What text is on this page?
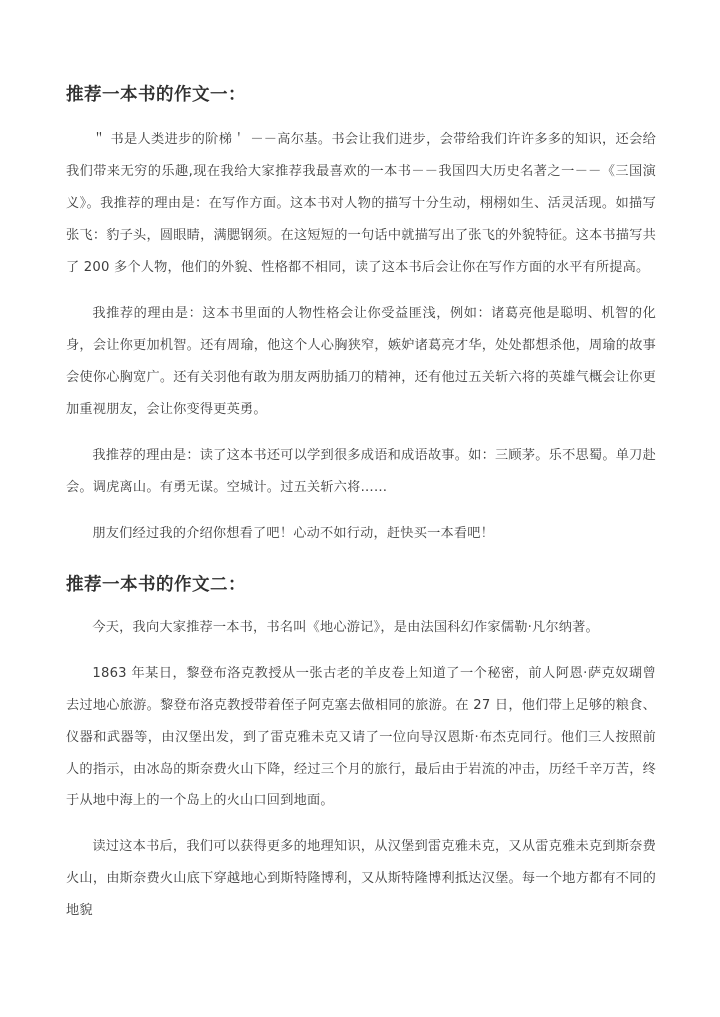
推荐一本书的作文一：

＂ 书是人类进步的阶梯＇ －－高尔基。书会让我们进步，会带给我们许许多多的知识，还会给我们带来无穷的乐趣,现在我给大家推荐我最喜欢的一本书－－我国四大历史名著之一－－《三国演义》。我推荐的理由是：在写作方面。这本书对人物的描写十分生动，栩栩如生、活灵活现。如描写张飞：豹子头，圆眼睛，满腮钢须。在这短短的一句话中就描写出了张飞的外貌特征。这本书描写共了 200 多个人物，他们的外貌、性格都不相同，读了这本书后会让你在写作方面的水平有所提高。

我推荐的理由是：这本书里面的人物性格会让你受益匪浅，例如：诸葛亮他是聪明、机智的化身，会让你更加机智。还有周瑜，他这个人心胸狭窄，嫉妒诸葛亮才华，处处都想杀他，周瑜的故事会使你心胸宽广。还有关羽他有敢为朋友两肋插刀的精神，还有他过五关斩六将的英雄气概会让你更加重视朋友，会让你变得更英勇。

我推荐的理由是：读了这本书还可以学到很多成语和成语故事。如：三顾茅。乐不思蜀。单刀赴会。调虎离山。有勇无谋。空城计。过五关斩六将……

朋友们经过我的介绍你想看了吧！心动不如行动，赶快买一本看吧！

推荐一本书的作文二：

今天，我向大家推荐一本书，书名叫《地心游记》，是由法国科幻作家儒勒·凡尔纳著。

1863 年某日，黎登布洛克教授从一张古老的羊皮卷上知道了一个秘密，前人阿恩·萨克奴瑚曾去过地心旅游。黎登布洛克教授带着侄子阿克塞去做相同的旅游。在 27 日，他们带上足够的粮食、仪器和武器等，由汉堡出发，到了雷克雅未克又请了一位向导汉恩斯·布杰克同行。他们三人按照前人的指示，由冰岛的斯奈费火山下降，经过三个月的旅行，最后由于岩流的冲击，历经千辛万苦，终于从地中海上的一个岛上的火山口回到地面。

读过这本书后，我们可以获得更多的地理知识，从汉堡到雷克雅未克，又从雷克雅未克到斯奈费火山，由斯奈费火山底下穿越地心到斯特隆博利，又从斯特隆博利抵达汉堡。每一个地方都有不同的地貌
